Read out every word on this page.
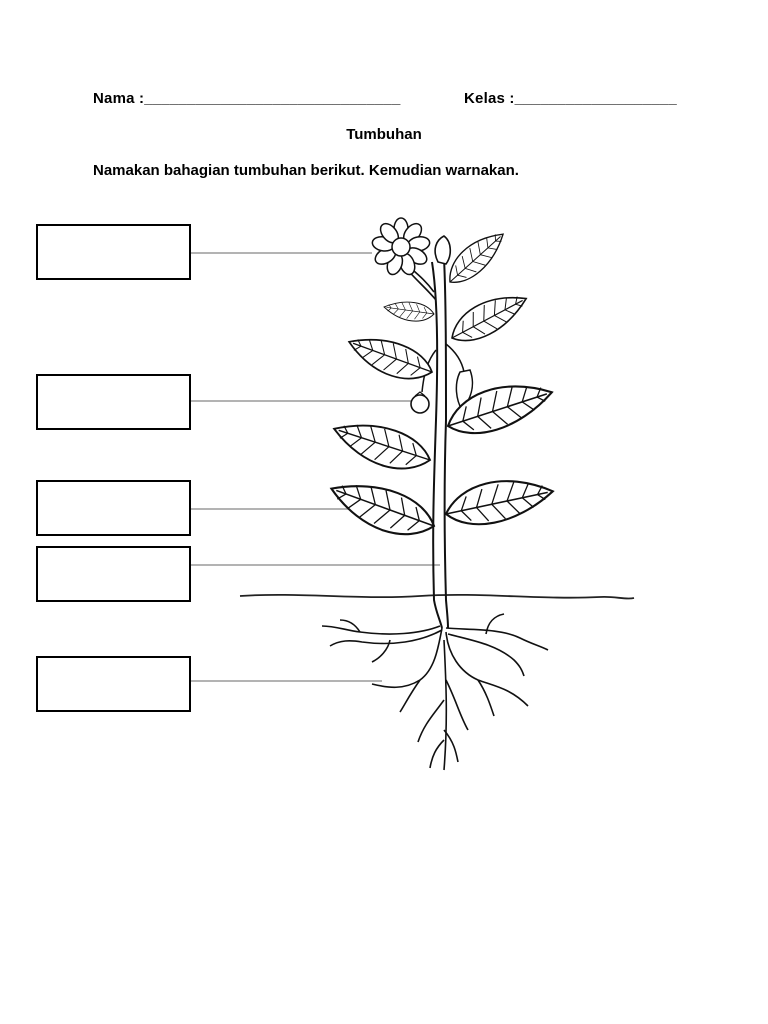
Nama :______________________________	Kelas :___________________
Tumbuhan
Namakan bahagian tumbuhan berikut. Kemudian warnakan.
